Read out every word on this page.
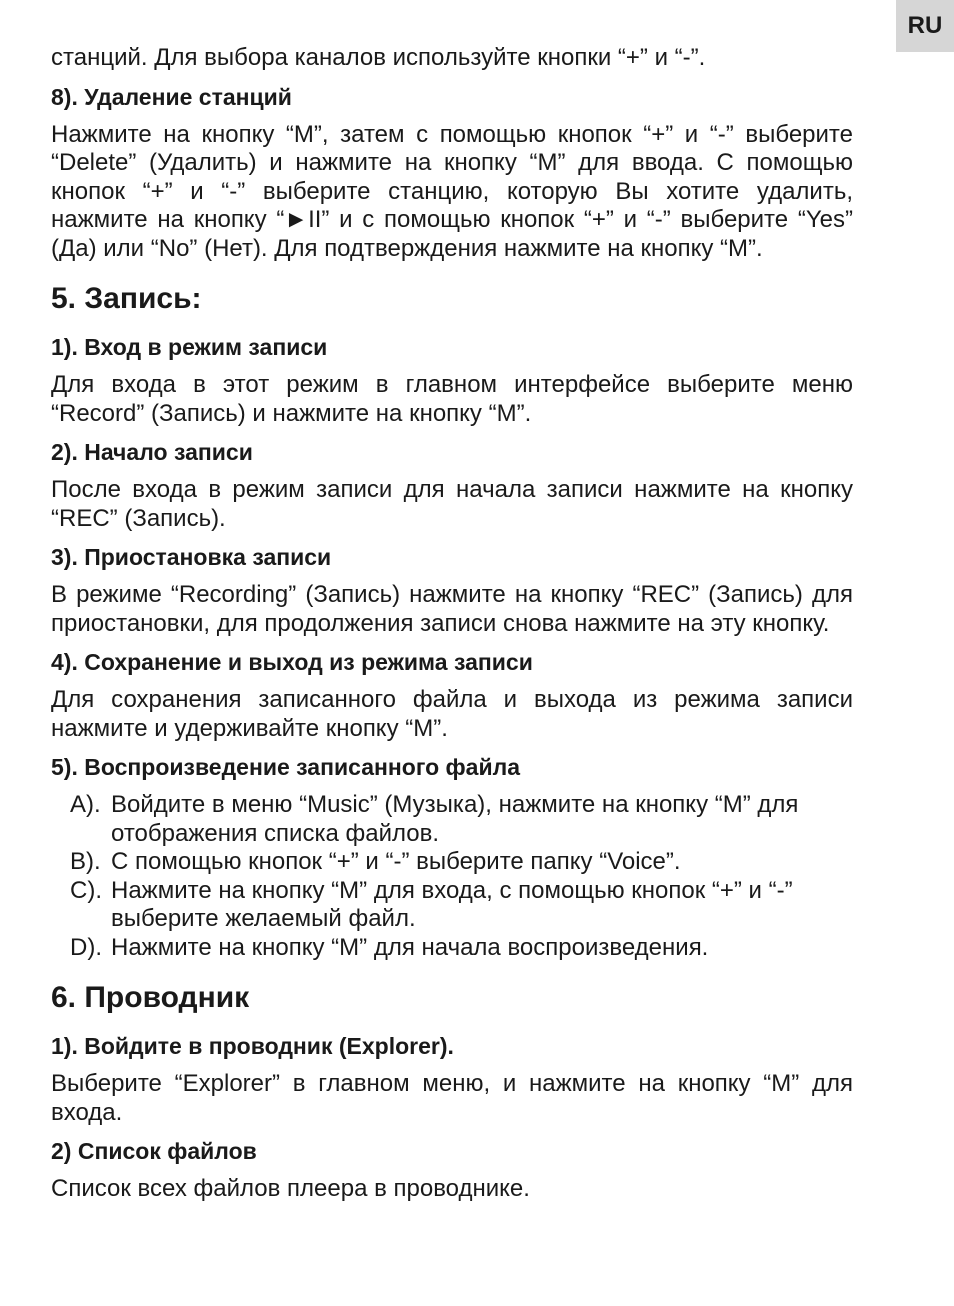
RU

станций. Для выбора каналов используйте кнопки “+” и “-”.

8). Удаление станций

Нажмите на кнопку “M”, затем с помощью кнопок “+” и “-” выберите “Delete” (Удалить) и нажмите на кнопку “M” для ввода. С помощью кнопок “+” и “-” выберите станцию, которую Вы хотите удалить, нажмите на кнопку “►II” и с помощью кнопок “+” и “-” выберите “Yes” (Да) или “No” (Нет). Для подтверждения нажмите на кнопку “M”.

5. Запись:
1). Вход в режим записи

Для входа в этот режим в главном интерфейсе выберите меню “Record” (Запись) и нажмите на кнопку “M”.

2). Начало записи

После входа в режим записи для начала записи нажмите на кнопку “REC” (Запись).

3). Приостановка записи

В режиме “Recording” (Запись) нажмите на кнопку “REC” (Запись) для приостановки, для продолжения записи снова нажмите на эту кнопку.

4). Сохранение и выход из режима записи

Для сохранения записанного файла и выхода из режима записи нажмите и удерживайте кнопку “M”.

5). Воспроизведение записанного файла
A). Войдите в меню “Music” (Музыка), нажмите на кнопку “M” для отображения списка файлов.
B). С помощью кнопок “+” и “-” выберите папку “Voice”.
C). Нажмите на кнопку “M” для входа, с помощью кнопок “+” и “-” выберите желаемый файл.
D). Нажмите на кнопку “M” для начала воспроизведения.
6. Проводник
1). Войдите в проводник (Explorer).

Выберите “Explorer” в главном меню, и нажмите на кнопку “M” для входа.

2) Список файлов

Список всех файлов плеера в проводнике.
